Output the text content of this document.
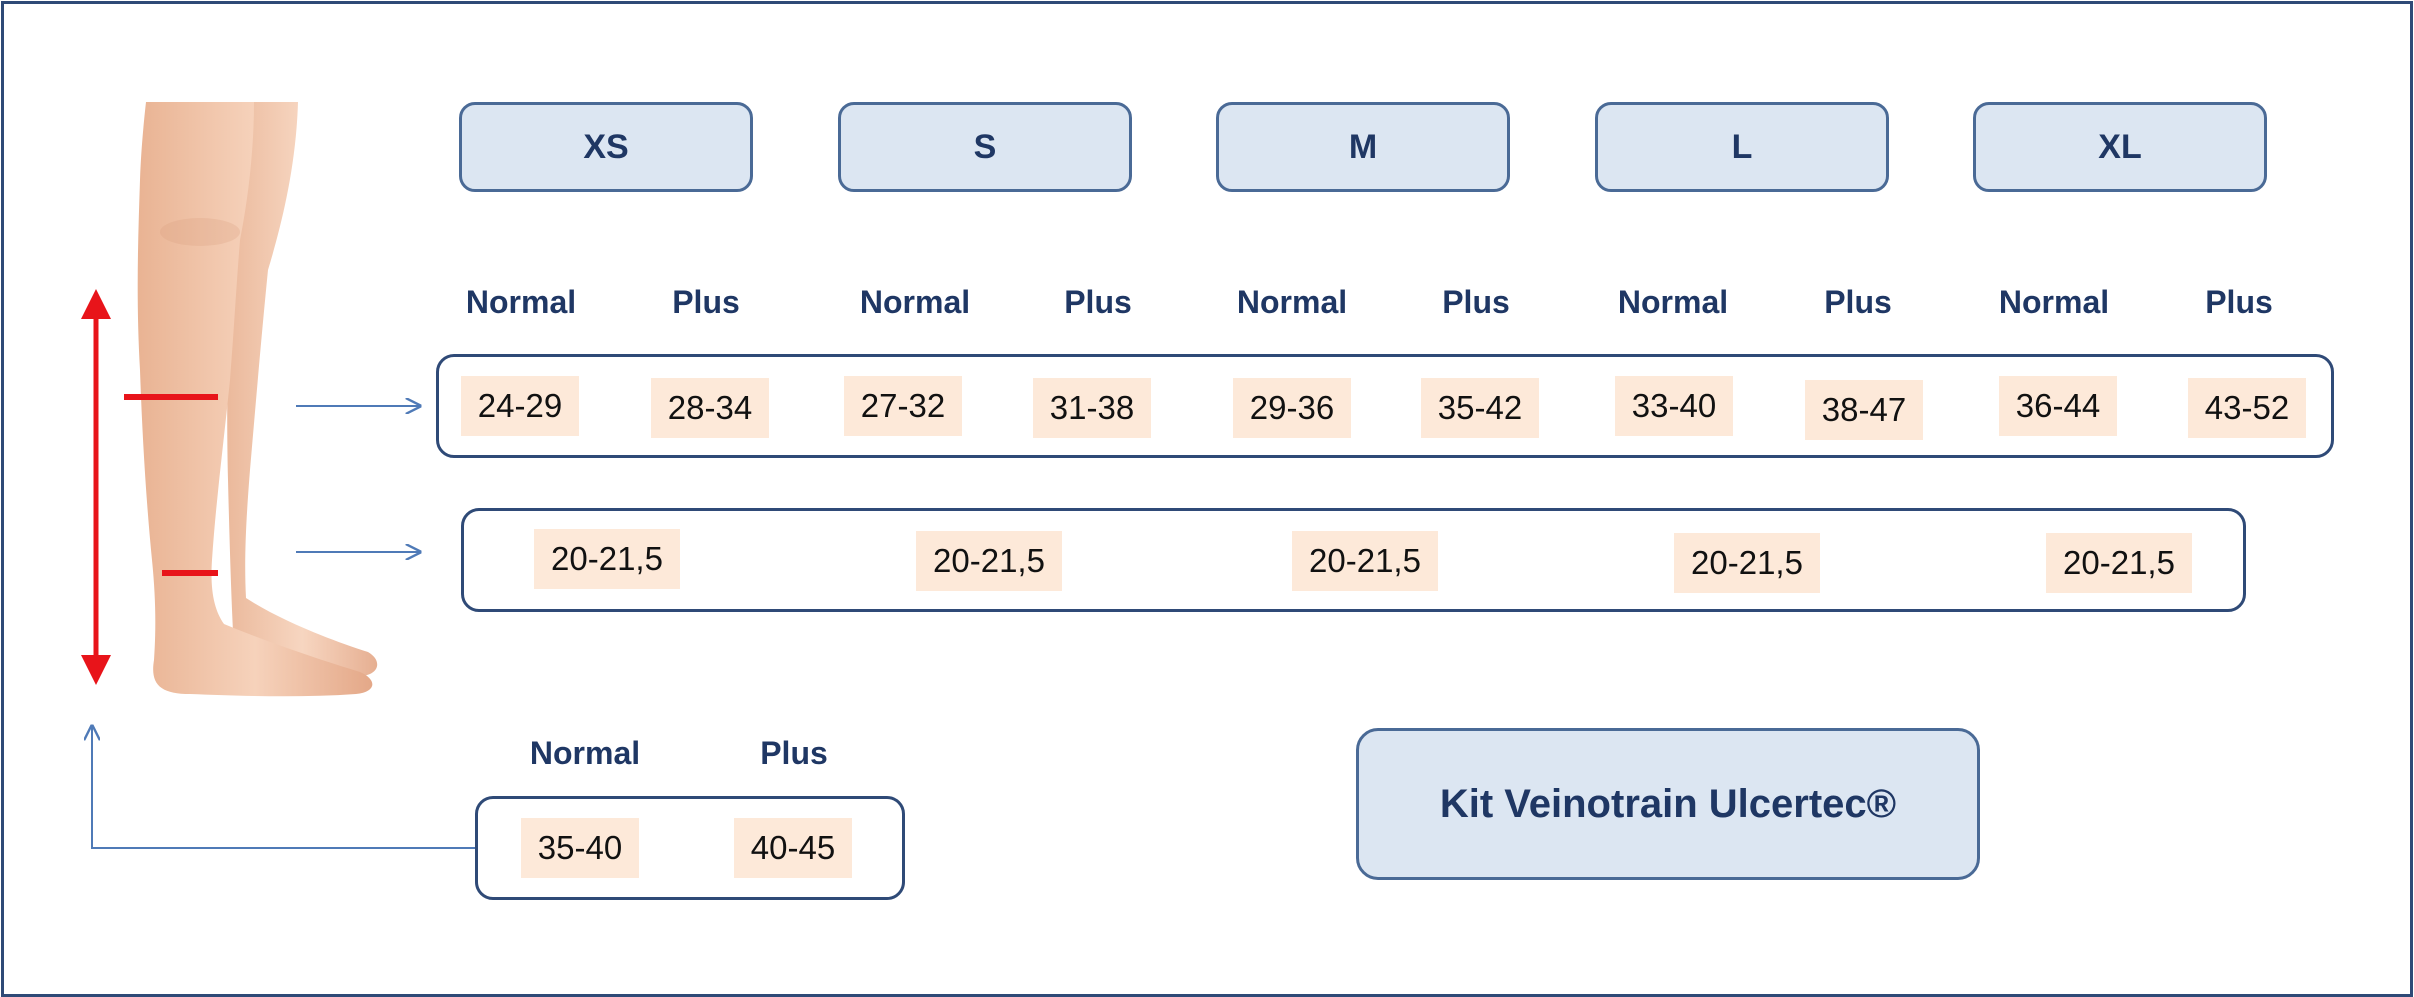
XS	S	M	L	XL
Normal	Plus	Normal	Plus	Normal	Plus	Normal	Plus	Normal	Plus
24-29	28-34	27-32	31-38	29-36	35-42	33-40	38-47	36-44	43-52
20-21,5	20-21,5	20-21,5	20-21,5	20-21,5
Normal	Plus
35-40	40-45
Kit Veinotrain Ulcertec®
